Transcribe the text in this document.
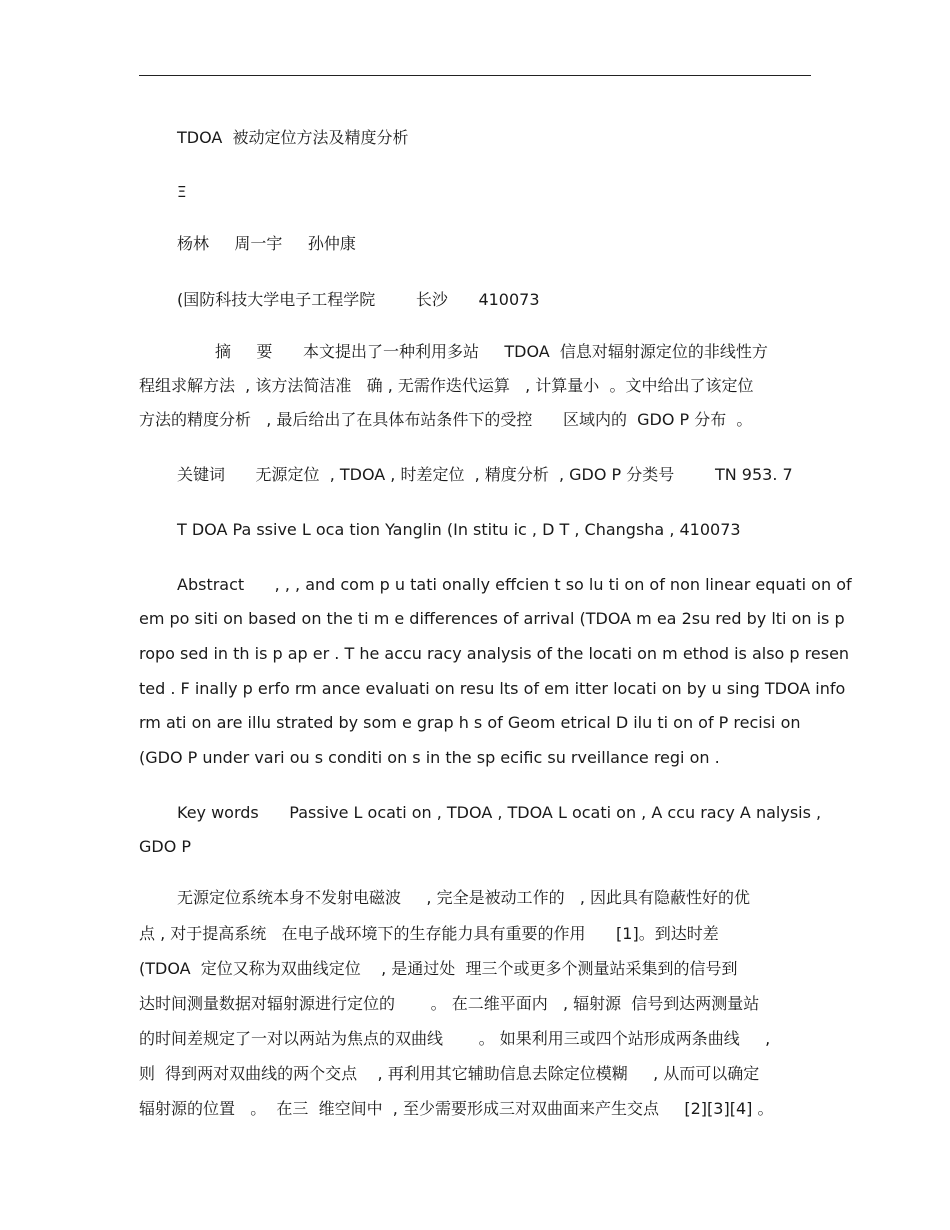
TDOA  被动定位方法及精度分析
Ξ
杨林     周一宇     孙仲康
(国防科技大学电子工程学院        长沙      410073
摘     要      本文提出了一种利用多站     TDOA  信息对辐射源定位的非线性方
程组求解方法  , 该方法简洁准   确 , 无需作迭代运算   , 计算量小  。文中给出了该定位
方法的精度分析   , 最后给出了在具体布站条件下的受控      区域内的  GDO P 分布  。
关键词      无源定位  , TDOA , 时差定位  , 精度分析  , GDO P 分类号        TN 953. 7
T DOA Pa ssive L oca tion Yanglin (In stitu ic , D T , Changsha , 410073
Abstract      , , , and com p u tati onally effcien t so lu ti on of non linear equati on of
em po siti on based on the ti m e differences of arrival (TDOA m ea 2su red by lti on is p
ropo sed in th is p ap er . T he accu racy analysis of the locati on m ethod is also p resen
ted . F inally p erfo rm ance evaluati on resu lts of em itter locati on by u sing TDOA info
rm ati on are illu strated by som e grap h s of Geom etrical D ilu ti on of P recisi on
(GDO P under vari ou s conditi on s in the sp ecific su rveillance regi on .
Key words      Passive L ocati on , TDOA , TDOA L ocati on , A ccu racy A nalysis ,
GDO P
无源定位系统本身不发射电磁波     , 完全是被动工作的   , 因此具有隐蔽性好的优
点 , 对于提高系统   在电子战环境下的生存能力具有重要的作用      [1]。到达时差
(TDOA  定位又称为双曲线定位    , 是通过处  理三个或更多个测量站采集到的信号到
达时间测量数据对辐射源进行定位的       。 在二维平面内   , 辐射源  信号到达两测量站
的时间差规定了一对以两站为焦点的双曲线       。 如果利用三或四个站形成两条曲线     ,
则  得到两对双曲线的两个交点    , 再利用其它辅助信息去除定位模糊     , 从而可以确定
辐射源的位置   。  在三  维空间中  , 至少需要形成三对双曲面来产生交点     [2][3][4] 。
